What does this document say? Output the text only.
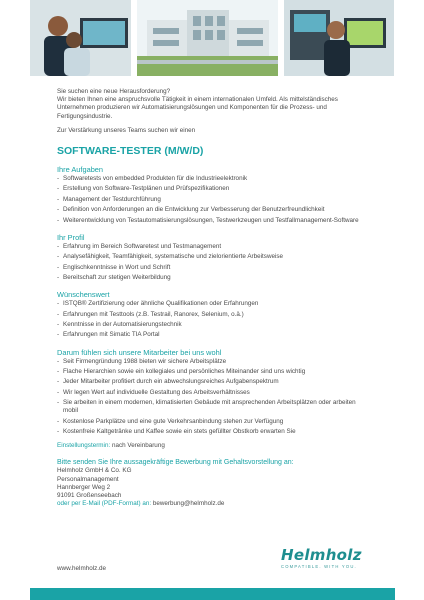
Sie suchen eine neue Herausforderung?

Wir bieten Ihnen eine anspruchsvolle Tätigkeit in einem internationalen Umfeld. Als mittelständisches Unternehmen produzieren wir Automatisierungslösungen und Komponenten für die Prozess- und Fertigungsindustrie.

Zur Verstärkung unseres Teams suchen wir einen

SOFTWARE-TESTER (M/W/D)
Ihre Aufgaben
- Softwaretests von embedded Produkten für die Industrieelektronik
- Erstellung von Software-Testplänen und Prüfspezifikationen
- Management der Testdurchführung
- Definition von Anforderungen an die Entwicklung zur Verbesserung der Benutzerfreundlichkeit
- Weiterentwicklung von Testautomatisierungslösungen, Testwerkzeugen und Testfallmanagement-Software
Ihr Profil
- Erfahrung im Bereich Softwaretest und Testmanagement
- Analysefähigkeit, Teamfähigkeit, systematische und zielorientierte Arbeitsweise
- Englischkenntnisse in Wort und Schrift
- Bereitschaft zur stetigen Weiterbildung
Wünschenswert
- ISTQB® Zertifizierung oder ähnliche Qualifikationen oder Erfahrungen
- Erfahrungen mit Testtools (z.B. Testrail, Ranorex, Selenium, o.ä.)
- Kenntnisse in der Automatisierungstechnik
- Erfahrungen mit Simatic TIA Portal
Darum fühlen sich unsere Mitarbeiter bei uns wohl
- Seit Firmengründung 1988 bieten wir sichere Arbeitsplätze
- Flache Hierarchien sowie ein kollegiales und persönliches Miteinander sind uns wichtig
- Jeder Mitarbeiter profitiert durch ein abwechslungsreiches Aufgabenspektrum
- Wir legen Wert auf individuelle Gestaltung des Arbeitsverhältnisses
- Sie arbeiten in einem modernen, klimatisierten Gebäude mit ansprechenden Arbeitsplätzen oder arbeiten mobil
- Kostenlose Parkplätze und eine gute Verkehrsanbindung stehen zur Verfügung
- Kostenfreie Kaltgetränke und Kaffee sowie ein stets gefüllter Obstkorb erwarten Sie

Einstellungstermin: nach Vereinbarung

Bitte senden Sie Ihre aussagekräftige Bewerbung mit Gehaltsvorstellung an:

Helmholz GmbH & Co. KG

Personalmanagement

Hannberger Weg 2

91091 Großenseebach

oder per E-Mail (PDF-Format) an: bewerbung@helmholz.de

www.helmholz.de
Helmholz
COMPATIBLE. WITH YOU.
